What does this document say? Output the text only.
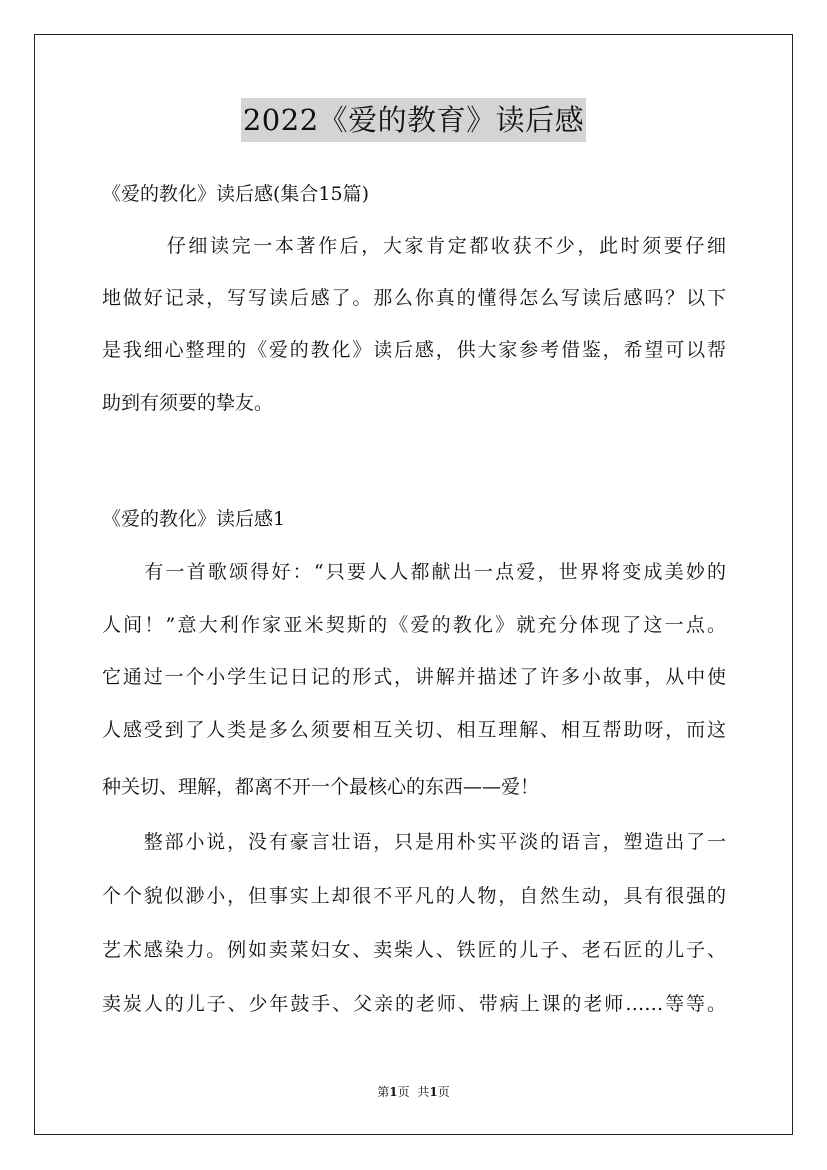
2022《爱的教育》读后感
《爱的教化》读后感(集合15篇)
　　　仔细读完一本著作后，大家肯定都收获不少，此时须要仔细
地做好记录，写写读后感了。那么你真的懂得怎么写读后感吗？以下
是我细心整理的《爱的教化》读后感，供大家参考借鉴，希望可以帮
助到有须要的挚友。
《爱的教化》读后感1
　　有一首歌颂得好：“只要人人都献出一点爱，世界将变成美妙的
人间！”意大利作家亚米契斯的《爱的教化》就充分体现了这一点。
它通过一个小学生记日记的形式，讲解并描述了许多小故事，从中使
人感受到了人类是多么须要相互关切、相互理解、相互帮助呀，而这
种关切、理解，都离不开一个最核心的东西——爱！
　　整部小说，没有豪言壮语，只是用朴实平淡的语言，塑造出了一
个个貌似渺小，但事实上却很不平凡的人物，自然生动，具有很强的
艺术感染力。例如卖菜妇女、卖柴人、铁匠的儿子、老石匠的儿子、
卖炭人的儿子、少年鼓手、父亲的老师、带病上课的老师……等等。
第1页 共1页
